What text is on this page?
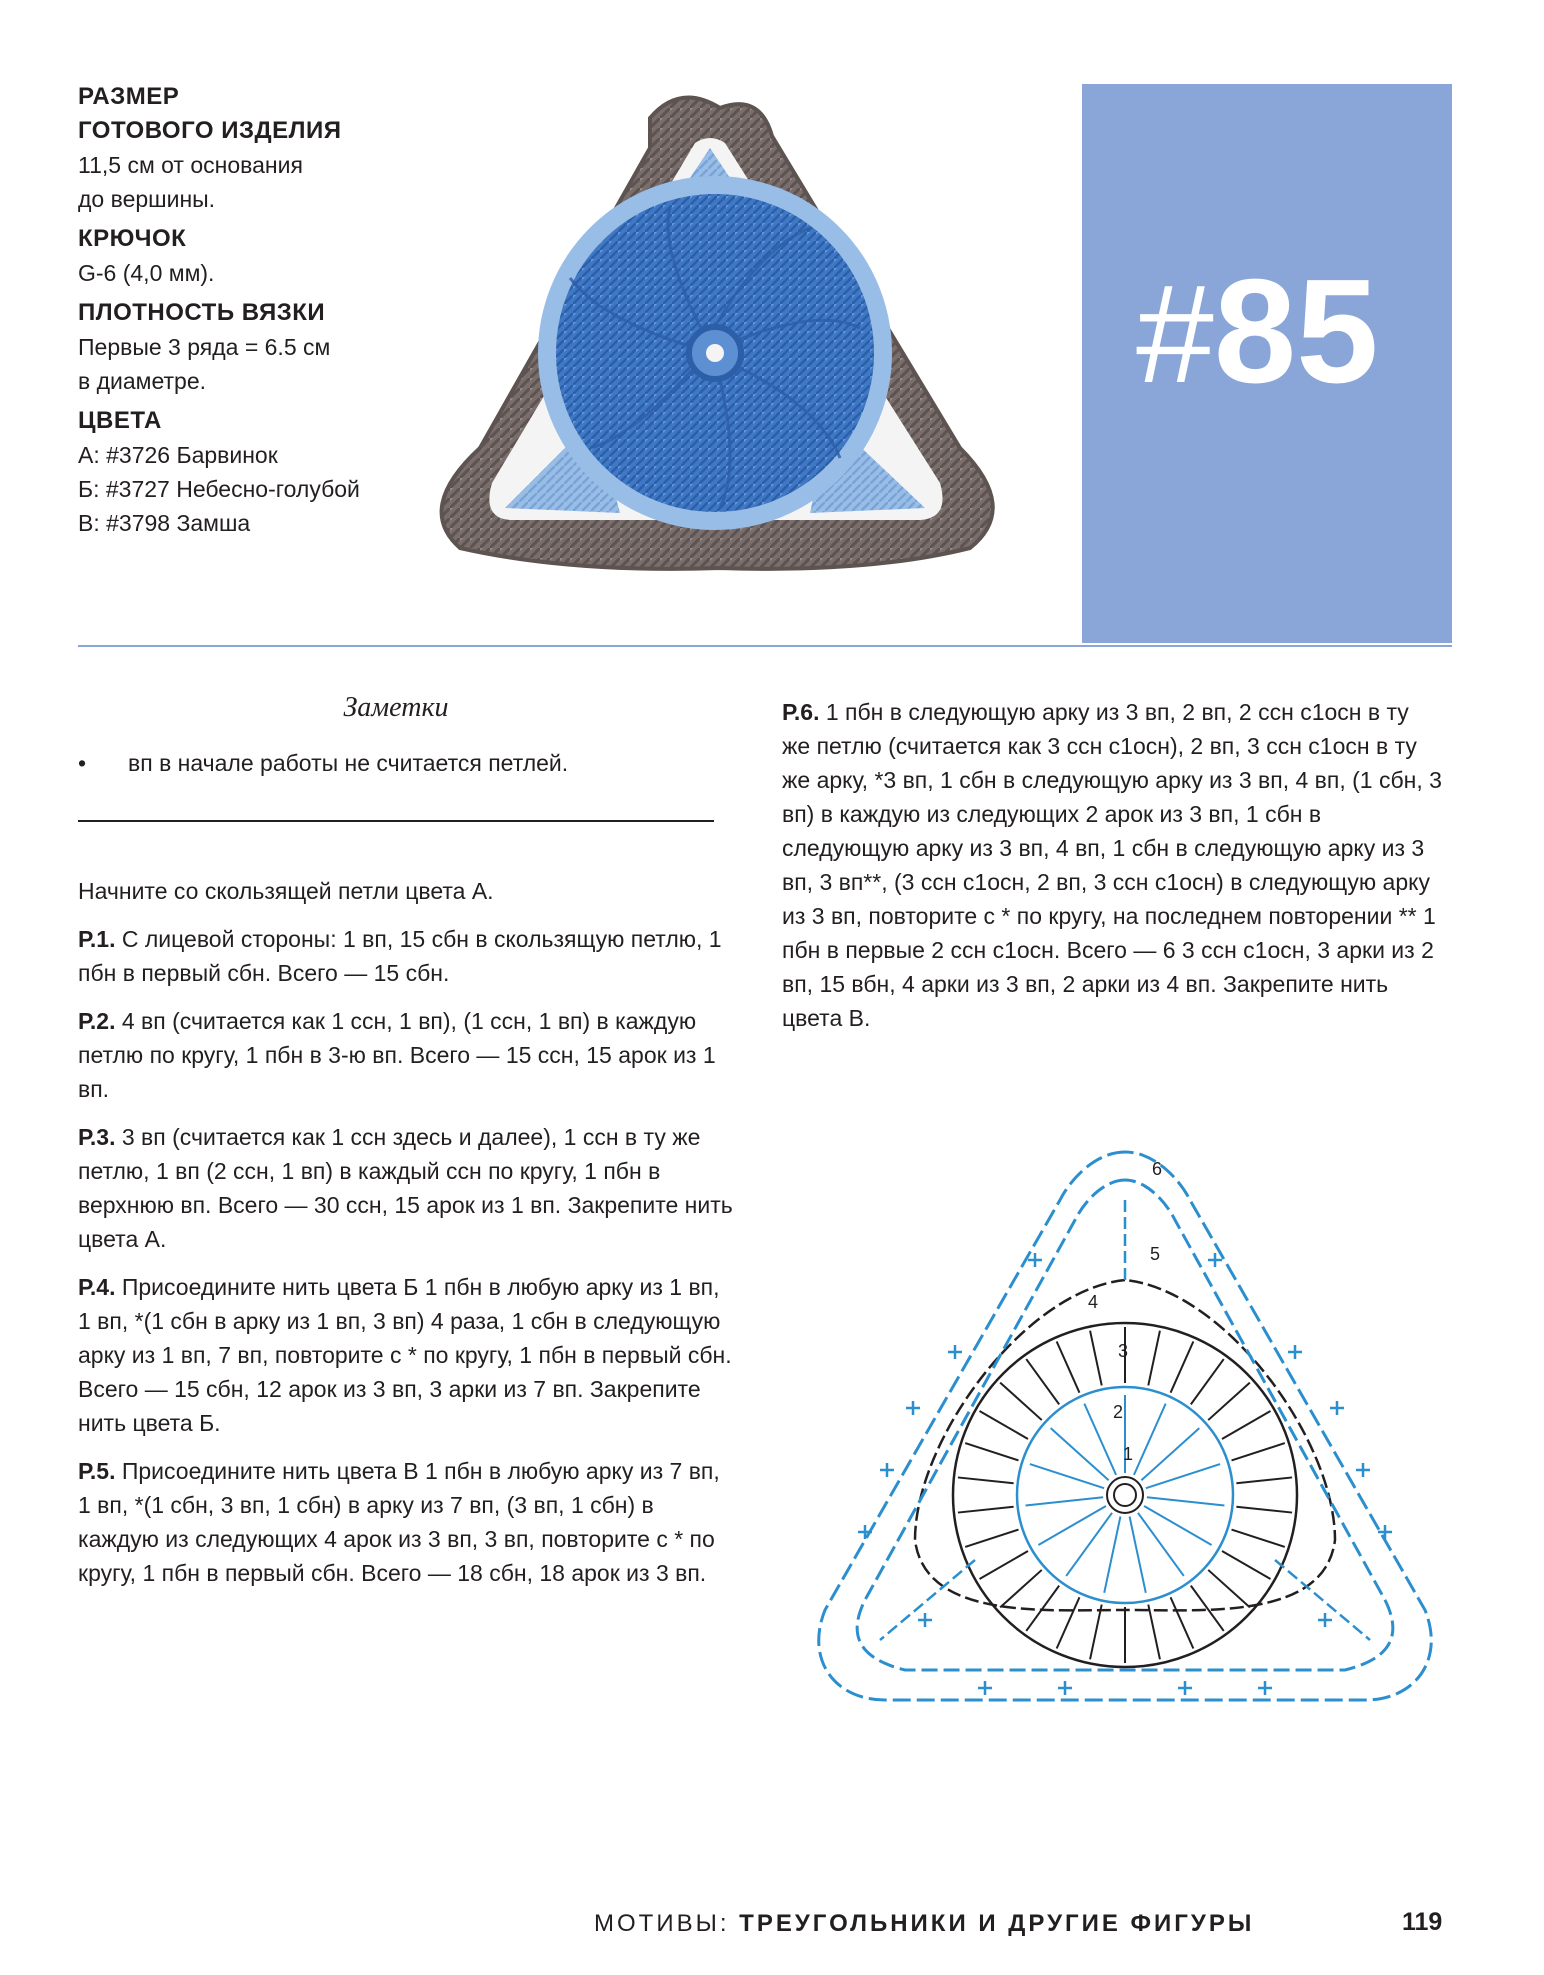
РАЗМЕР
ГОТОВОГО ИЗДЕЛИЯ
11,5 см от основания
до вершины.
КРЮЧОК
G-6 (4,0 мм).
ПЛОТНОСТЬ ВЯЗКИ
Первые 3 ряда = 6.5 см
в диаметре.
ЦВЕТА
А: #3726 Барвинок
Б: #3727 Небесно-голубой
В: #3798 Замша
#85
Заметки
• вп в начале работы не считается петлей.

Начните со скользящей петли цвета А.

Р.1. С лицевой стороны: 1 вп, 15 сбн в скользящую петлю, 1 пбн в первый сбн. Всего — 15 сбн.

Р.2. 4 вп (считается как 1 ссн, 1 вп), (1 ссн, 1 вп) в каждую петлю по кругу, 1 пбн в 3-ю вп. Всего — 15 ссн, 15 арок из 1 вп.

Р.3. 3 вп (считается как 1 ссн здесь и далее), 1 ссн в ту же петлю, 1 вп (2 ссн, 1 вп) в каждый ссн по кругу, 1 пбн в верхнюю вп. Всего — 30 ссн, 15 арок из 1 вп. Закрепите нить цвета А.

Р.4. Присоедините нить цвета Б 1 пбн в любую арку из 1 вп, 1 вп, *(1 сбн в арку из 1 вп, 3 вп) 4 раза, 1 сбн в следующую арку из 1 вп, 7 вп, повторите с * по кругу, 1 пбн в первый сбн. Всего — 15 сбн, 12 арок из 3 вп, 3 арки из 7 вп. Закрепите нить цвета Б.

Р.5. Присоедините нить цвета В 1 пбн в любую арку из 7 вп, 1 вп, *(1 сбн, 3 вп, 1 сбн) в арку из 7 вп, (3 вп, 1 сбн) в каждую из следующих 4 арок из 3 вп, 3 вп, повторите с * по кругу, 1 пбн в первый сбн. Всего — 18 сбн, 18 арок из 3 вп.

Р.6. 1 пбн в следующую арку из 3 вп, 2 вп, 2 ссн с1осн в ту же петлю (считается как 3 ссн с1осн), 2 вп, 3 ссн с1осн в ту же арку, *3 вп, 1 сбн в следующую арку из 3 вп, 4 вп, (1 сбн, 3 вп) в каждую из следующих 2 арок из 3 вп, 1 сбн в следующую арку из 3 вп, 4 вп, 1 сбн в следующую арку из 3 вп, 3 вп**, (3 ссн с1осн, 2 вп, 3 ссн с1осн) в следующую арку из 3 вп, повторите с * по кругу, на последнем повторении ** 1 пбн в первые 2 ссн с1осн. Всего — 6 3 ссн с1осн, 3 арки из 2 вп, 15 вбн, 4 арки из 3 вп, 2 арки из 4 вп. Закрепите нить цвета В.

6
5
4
3
2
1
МОТИВЫ: ТРЕУГОЛЬНИКИ И ДРУГИЕ ФИГУРЫ	119
